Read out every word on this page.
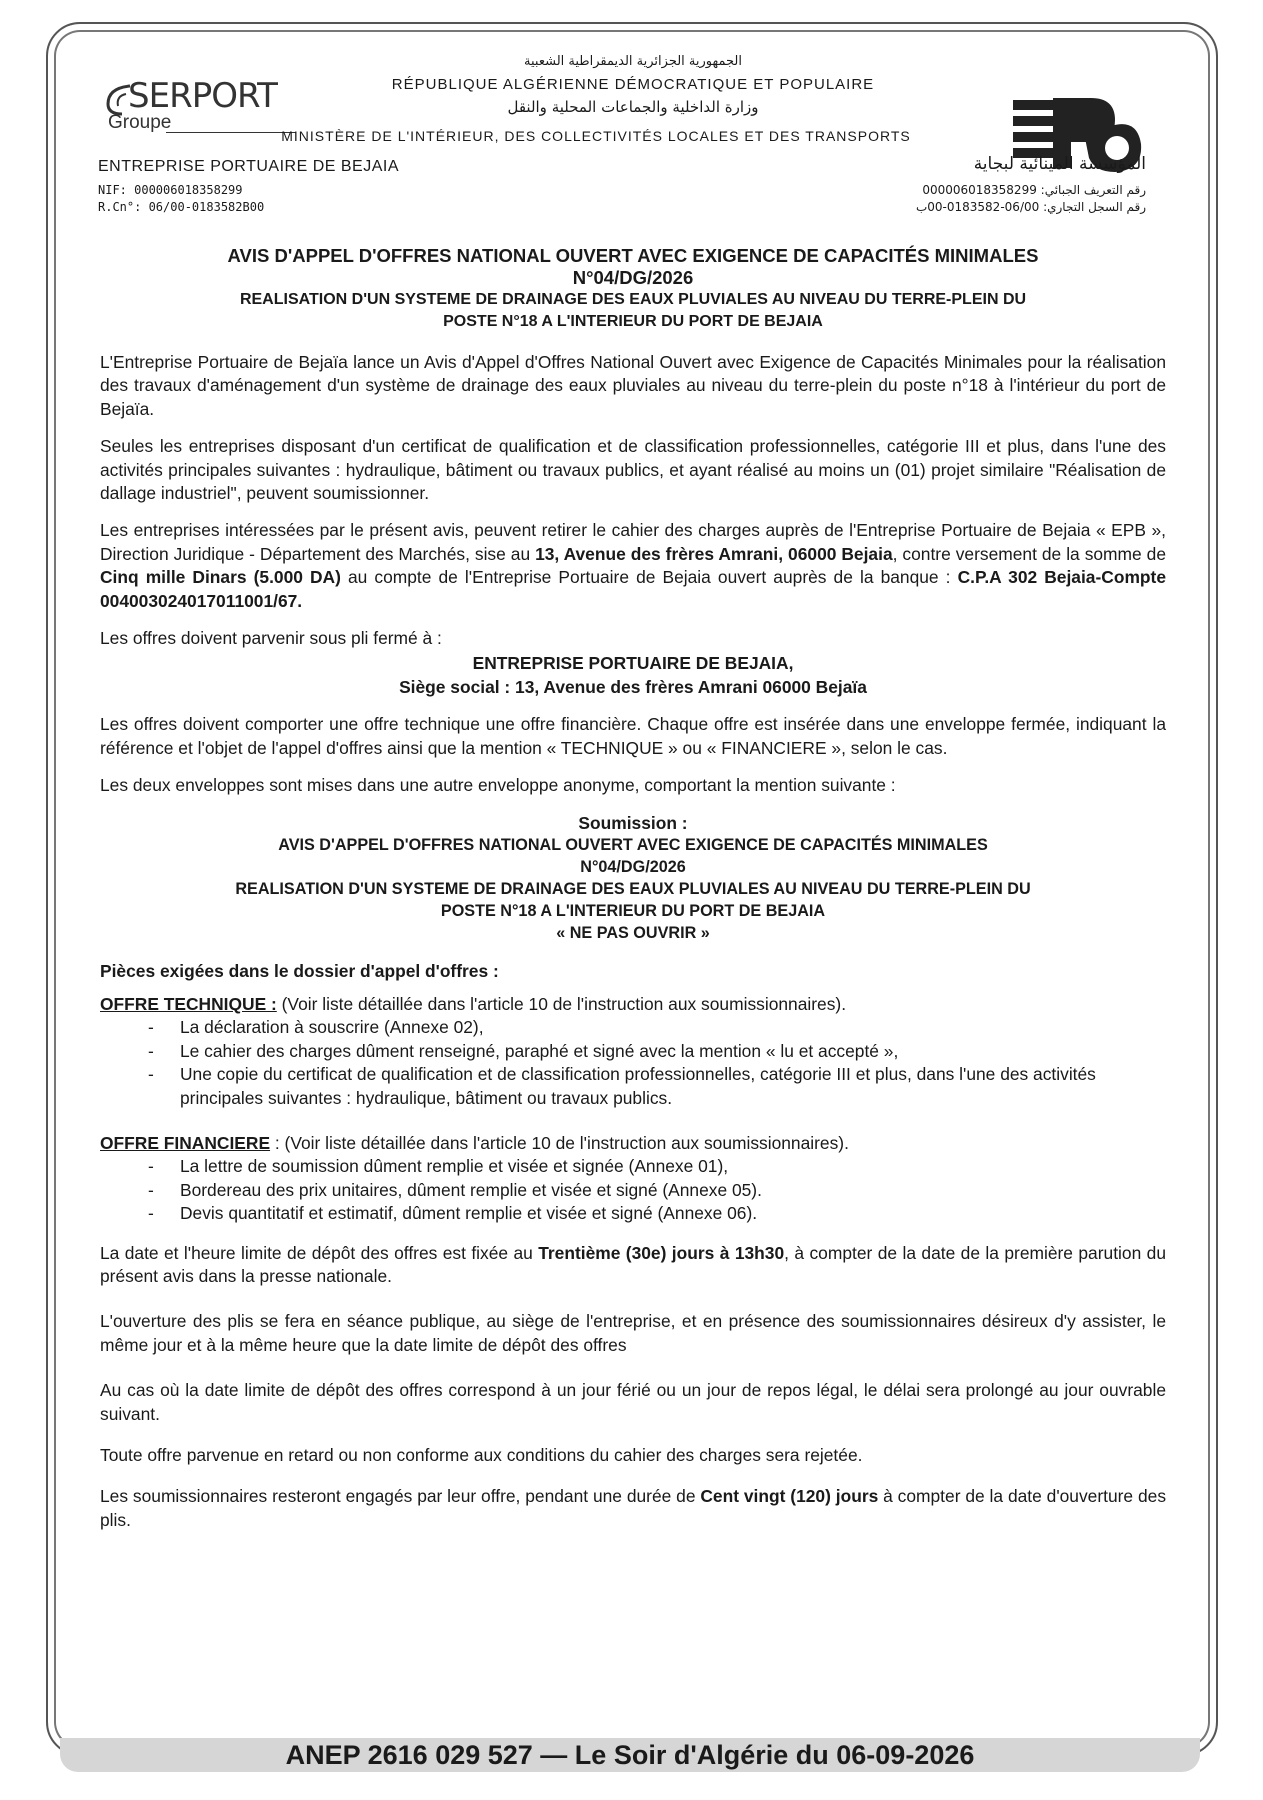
SERPORT
Groupe
الجمهورية الجزائرية الديمقراطية الشعبية
RÉPUBLIQUE ALGÉRIENNE DÉMOCRATIQUE ET POPULAIRE
وزارة الداخلية والجماعات المحلية والنقل
MINISTÈRE DE L'INTÉRIEUR, DES COLLECTIVITÉS LOCALES ET DES TRANSPORTS
ENTREPRISE PORTUAIRE DE BEJAIA
NIF: 000006018358299
R.Cn°: 06/00-0183582B00
المؤسسة المينائية لبجاية
رقم التعريف الجبائي: 000006018358299
رقم السجل التجاري: 06/00-0183582-00ب
AVIS D'APPEL D'OFFRES NATIONAL OUVERT AVEC EXIGENCE DE CAPACITÉS MINIMALES
N°04/DG/2026
REALISATION D'UN SYSTEME DE DRAINAGE DES EAUX PLUVIALES AU NIVEAU DU TERRE-PLEIN DU
POSTE N°18 A L'INTERIEUR DU PORT DE BEJAIA

L'Entreprise Portuaire de Bejaïa lance un Avis d'Appel d'Offres National Ouvert avec Exigence de Capacités Minimales pour la réalisation des travaux d'aménagement d'un système de drainage des eaux pluviales au niveau du terre-plein du poste n°18 à l'intérieur du port de Bejaïa.

Seules les entreprises disposant d'un certificat de qualification et de classification professionnelles, catégorie III et plus, dans l'une des activités principales suivantes : hydraulique, bâtiment ou travaux publics, et ayant réalisé au moins un (01) projet similaire "Réalisation de dallage industriel", peuvent soumissionner.

Les entreprises intéressées par le présent avis, peuvent retirer le cahier des charges auprès de l'Entreprise Portuaire de Bejaia « EPB », Direction Juridique - Département des Marchés, sise au 13, Avenue des frères Amrani, 06000 Bejaia, contre versement de la somme de Cinq mille Dinars (5.000 DA) au compte de l'Entreprise Portuaire de Bejaia ouvert auprès de la banque : C.P.A 302 Bejaia-Compte 004003024017011001/67.

Les offres doivent parvenir sous pli fermé à :

ENTREPRISE PORTUAIRE DE BEJAIA,
Siège social : 13, Avenue des frères Amrani 06000 Bejaïa

Les offres doivent comporter une offre technique une offre financière. Chaque offre est insérée dans une enveloppe fermée, indiquant la référence et l'objet de l'appel d'offres ainsi que la mention « TECHNIQUE » ou « FINANCIERE », selon le cas.

Les deux enveloppes sont mises dans une autre enveloppe anonyme, comportant la mention suivante :

Soumission :
AVIS D'APPEL D'OFFRES NATIONAL OUVERT AVEC EXIGENCE DE CAPACITÉS MINIMALES
N°04/DG/2026
REALISATION D'UN SYSTEME DE DRAINAGE DES EAUX PLUVIALES AU NIVEAU DU TERRE-PLEIN DU
POSTE N°18 A L'INTERIEUR DU PORT DE BEJAIA
« NE PAS OUVRIR »
Pièces exigées dans le dossier d'appel d'offres :
OFFRE TECHNIQUE : (Voir liste détaillée dans l'article 10 de l'instruction aux soumissionnaires).
- La déclaration à souscrire (Annexe 02),
- Le cahier des charges dûment renseigné, paraphé et signé avec la mention « lu et accepté »,
- Une copie du certificat de qualification et de classification professionnelles, catégorie III et plus, dans l'une des activités principales suivantes : hydraulique, bâtiment ou travaux publics.
OFFRE FINANCIERE : (Voir liste détaillée dans l'article 10 de l'instruction aux soumissionnaires).
- La lettre de soumission dûment remplie et visée et signée (Annexe 01),
- Bordereau des prix unitaires, dûment remplie et visée et signé (Annexe 05).
- Devis quantitatif et estimatif, dûment remplie et visée et signé (Annexe 06).

La date et l'heure limite de dépôt des offres est fixée au Trentième (30e) jours à 13h30, à compter de la date de la première parution du présent avis dans la presse nationale.

L'ouverture des plis se fera en séance publique, au siège de l'entreprise, et en présence des soumissionnaires désireux d'y assister, le même jour et à la même heure que la date limite de dépôt des offres

Au cas où la date limite de dépôt des offres correspond à un jour férié ou un jour de repos légal, le délai sera prolongé au jour ouvrable suivant.

Toute offre parvenue en retard ou non conforme aux conditions du cahier des charges sera rejetée.

Les soumissionnaires resteront engagés par leur offre, pendant une durée de Cent vingt (120) jours à compter de la date d'ouverture des plis.

ANEP 2616 029 527 — Le Soir d'Algérie du 06-09-2026
